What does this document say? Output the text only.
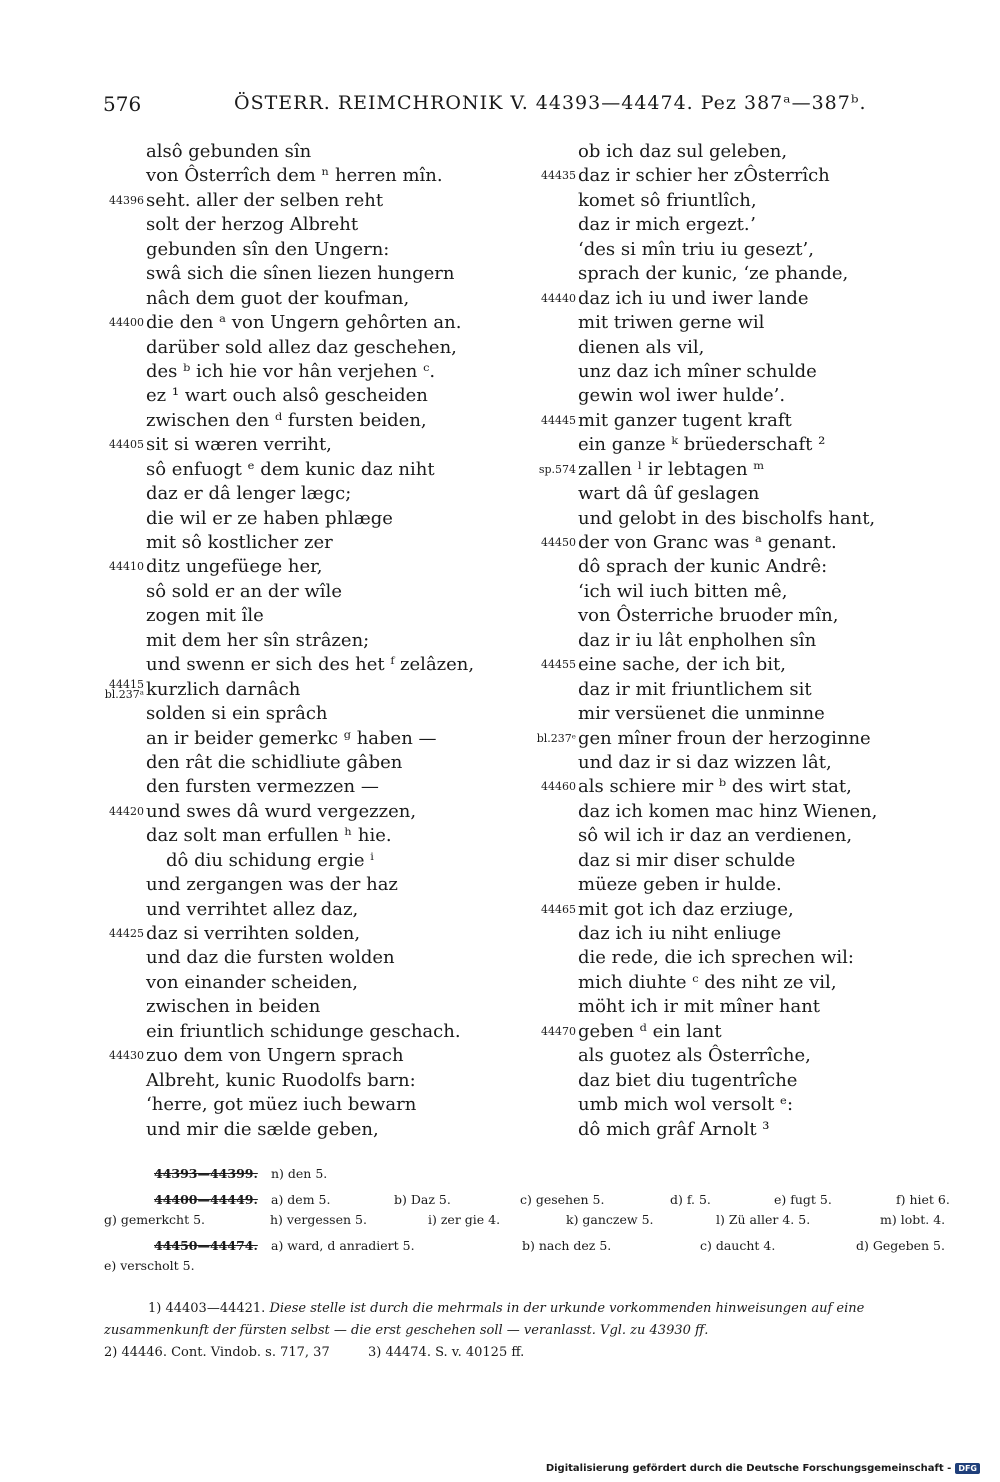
576	ÖSTERR. REIMCHRONIK V. 44393—44474. Pez 387ᵃ—387ᵇ.
alsô gebunden sîn
von Ôsterrîch dem ⁿ herren mîn.
44396 seht. aller der selben reht
solt der herzog Albreht
gebunden sîn den Ungern:
swâ sich die sînen liezen hungern
nâch dem guot der koufman,
44400 die den ᵃ von Ungern gehôrten an.
darüber sold allez daz geschehen,
des ᵇ ich hie vor hân verjehen ᶜ.
ez ¹ wart ouch alsô gescheiden
zwischen den ᵈ fursten beiden,
44405 sit si wæren verriht,
sô enfuogt ᵉ dem kunic daz niht
daz er dâ lenger lægc;
die wil er ze haben phlæge
mit sô kostlicher zer
44410 ditz ungefüege her,
sô sold er an der wîle
zogen mit île
mit dem her sîn strâzen;
und swenn er sich des het ᶠ zelâzen,
44415
bl.237ᵃ kurzlich darnâch
solden si ein sprâch
an ir beider gemerkc ᵍ haben —
den rât die schidliute gâben
den fursten vermezzen —
44420 und swes dâ wurd vergezzen,
daz solt man erfullen ʰ hie.
dô diu schidung ergie ⁱ
und zergangen was der haz
und verrihtet allez daz,
44425 daz si verrihten solden,
und daz die fursten wolden
von einander scheiden,
zwischen in beiden
ein friuntlich schidunge geschach.
44430 zuo dem von Ungern sprach
Albreht, kunic Ruodolfs barn:
ʻherre, got müez iuch bewarn
und mir die sælde geben,
ob ich daz sul geleben,
44435 daz ir schier her zÔsterrîch
komet sô friuntlîch,
daz ir mich ergezt.ʼ
ʻdes si mîn triu iu gesezt’,
sprach der kunic, ʻze phande,
44440 daz ich iu und iwer lande
mit triwen gerne wil
dienen als vil,
unz daz ich mîner schulde
gewin wol iwer hulde’.
44445 mit ganzer tugent kraft
ein ganze ᵏ brüederschaft ²
sp.574 zallen ˡ ir lebtagen ᵐ
wart dâ ûf geslagen
und gelobt in des bischolfs hant,
44450 der von Granc was ᵃ genant.
dô sprach der kunic Andrê:
ʻich wil iuch bitten mê,
von Ôsterriche bruoder mîn,
daz ir iu lât enpholhen sîn
44455 eine sache, der ich bit,
daz ir mit friuntlichem sit
mir versüenet die unminne
bl.237ᵉ gen mîner froun der herzoginne
und daz ir si daz wizzen lât,
44460 als schiere mir ᵇ des wirt stat,
daz ich komen mac hinz Wienen,
sô wil ich ir daz an verdienen,
daz si mir diser schulde
müeze geben ir hulde.
44465 mit got ich daz erziuge,
daz ich iu niht enliuge
die rede, die ich sprechen wil:
mich diuhte ᶜ des niht ze vil,
möht ich ir mit mîner hant
44470 geben ᵈ ein lant
als guotez als Ôsterrîche,
daz biet diu tugentrîche
umb mich wol versolt ᵉ:
dô mich grâf Arnolt ³
44393—44399. n) den 5.
44400—44449. a) dem 5.	b) Daz 5.	c) gesehen 5.	d) f. 5.	e) fugt 5.	f) hiet 6.
g) gemerkcht 5.	h) vergessen 5.	i) zer gie 4.	k) ganczew 5.	l) Zü aller 4. 5.	m) lobt. 4.
44450—44474. a) ward, d anradiert 5.	b) nach dez 5.	c) daucht 4.	d) Gegeben 5.
e) verscholt 5.
1) 44403—44421. Diese stelle ist durch die mehrmals in der urkunde vorkommenden hinweisungen auf eine zusammenkunft der fürsten selbst — die erst geschehen soll — veranlasst. Vgl. zu 43930 ff.
2) 44446. Cont. Vindob. s. 717, 37	3) 44474. S. v. 40125 ff.
Digitalisierung gefördert durch die Deutsche Forschungsgemeinschaft - DFG
